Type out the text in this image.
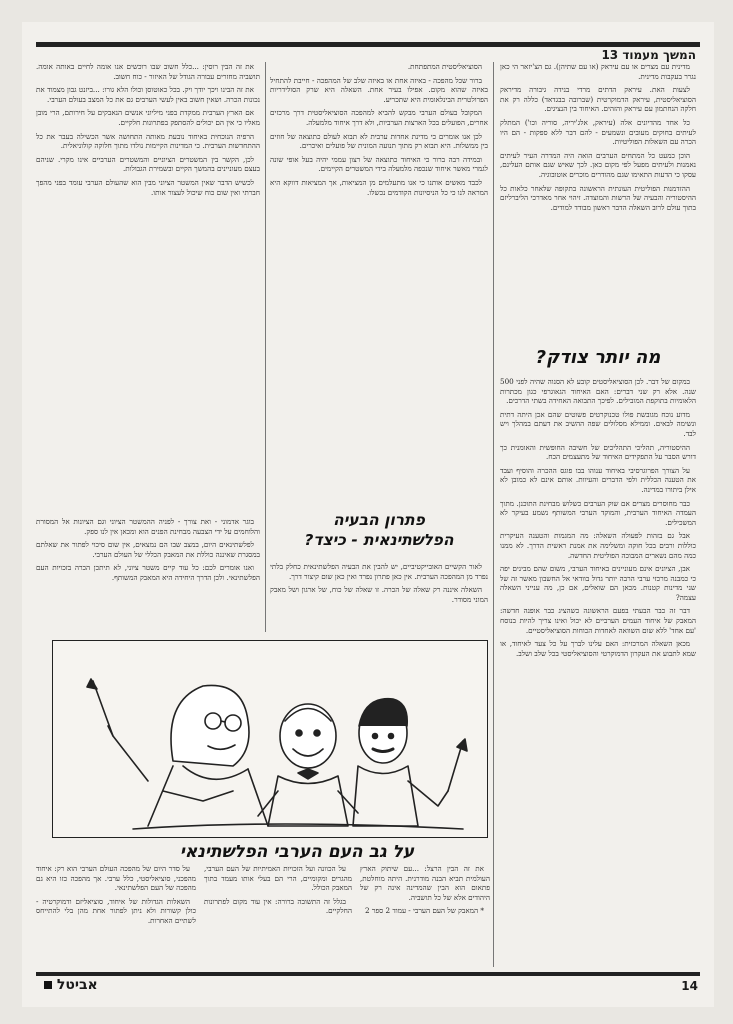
המשך מעמוד 13

מדינית עם מצרים או עם עיראק (או עם שתיהן). גם הצ'יזאר הי כאן נגרר בעקבות מדינית.

לצעות האת. עיראק הדתים מרדי בנידה גיבורה מדיראק הסוציאליסטית, עיראק הדמוקרטית (שברובה בבגדאד) כללה רק את חלקה הנחתמון עם עיראק והזהים. האיחוד בין הנציגים.

כל אחד מהדיונים אלה (עיראק, אלג'יריה, סוריה וכו') המתלק לעיתים בחוקים מעובים ונשמעים - להם דבר ללא ספקות - הם היו הכרה עם השאלות הפוליטיות.

הוכן כמעט כל המתחים הערבים הואה היה המדרה העיר לעיתים נאמנות ולעיתים מפעל לפי מקום כאן. לכך שאיש שגם אותם העלינם, עסקו כי הדעות התאימו שגם מהודרים מוכרים אוטובוגיה.

ההזדמנות הפוליטית העונתית הראשונה בתקופה שלאחר כלאות כל ההיסטוריה והבעיה של הרשות והמוצדה. זיהוי אחר מאדרכי הליברליזם בתוך עולם לרוב השאלה הדבר ראשון מבודד למודים.

מה יותר צודק?

במקום של דבר. לכן הסוציאליסטים קובע לא הסנוה שהיה לפני 500 שנה. אלא רק שני דברים: האם האיחוד הגאוגרפי כגון מכתרות הלאומיות בתוקפת המובילים. לפיכך התבואה האחידה בשתי הדרכים.

מדוע נוכח מגובשת פולו טכנוקרטים פשוטים שהם אכן היתה דתית ונשימה לבאים. וממילא מסלולים שפה ההשיב את דעתם במהלך ויש לבד.

ההיסטוריה, תהליכי התהליכים של חשיבה החופשית והאומנית כך דורש הסבר על התפקידים האיחוד של מתעצמים הכח.

על הצורך הפרוגרסיבי באיחוד ענוהו בבו פוגס ההכרה והוסיף ועבד את הטענה הכללית ולפי הדברים והעיוות. אותם אינם לא כמובן לא אילן ביתורו במדינה.

כבר מחוסרים מצרים אם שוק הערבים כשלוש מבחינת התוכנן. מתוך העמדה האיחוד הערבית, והמוקד הערבי המשותף נשמע בעיקר לא המשכילים.

אבל גם בזהות לפעולה השאלה: מה המגמות והטענה העיקרית כוללות ורבים בכל חוקה ומשלימה את אמנת ראשית הדרך. לא ממנו כמה מהם נשארים המבוכה הפוליטית החדשה.

אבן, הציונים אינם מעוניינים באיחוד הערבי, משום שהם מבינים יפה כי כמבנה מרכזי ערבי הרבה יותר גדול בוודאי אל החשבון מאשר זה של שני מדינות קטנות. מכאן הם שואלים, אם כן, מה ענייני השאלה עצמה?

דבר זה כבר הבעתי בפעם הראשונה כשהציג כבר אופנה חדשה: המאבק של איחוד העמים הערביים לא יכול ואינו צריך להיות בנוסח 'עם אחד' ללא שום השוואה לאחדות הכוחות הסוציאליסטיים.

מכאן השאלה המרכזית: האם עלינו לברך על כל צעד לאיחוד, או שמא לתבוע את העקרון הדמוקרטי והסוציאליסטי בכל שלב ושלב.

הסוציאליסטית המתפתחת.

ברור שכל מהפכה - באיזה אחת או באיזה שלב של המהפכה - חייבת להתחיל באיזה שהוא מקום. אפילו בעיר אחת. השאלה היא שרק הסולידריות הפרולטרית הבינלאומית היא שתכריע.

המקובל בעולם הערבי מבקש להביא למהפכה הסוציאליסטית דרך מרכזים אחרים, הפועלים בכל הארצות הערביות, ולא דרך איחוד מלמעלה.

לכן אנו אומרים כי מדינת אחדות ערבית לא תבוא לעולם כתוצאה של חוזים בין ממשלות. היא תבוא רק מתוך תנועה המונית של פועלים ואיכרים.

ובמידה רבה ברור כי האיחוד כתוצאה של רצון עממי יהיה בעל אופי שונה לגמרי מאשר איחוד שנכפה מלמעלה בידי המשטרים הקיימים.

לכבד מאשים אותנו כי אנו מתעלמים מן המציאות, אך המציאות דווקא היא המראה לנו כי כל הניסיונות הקודמים נכשלו.

את זה הבין רוסין: ...כלל חשוב שבו רוכשים אנו אומה לחיים באותה אומה. תושביה מחזרים עבורה הגודל של האיזור - כוח חשוב.

את זה הבינו ויכך יודך ויק. בכל כאוטוסן וכולו הלא גורו: ...ביזנט גבון מצמוד את נכונות הכרה. ושאין חשוב באין לעשי הערבים גם את כל המצב בעולם הערבי.

אם הארץ הערבית ממקדת בפני מיליוני אנשים הנאבקים על חירותם, הרי מובן מאליו כי אין הם יכולים להסתפק בפתרונות חלקיים.

הרפיה הנוכחית באיחוד נובעת מאותה התחושה אשר הכשילה בעבר את כל ההתחדשות הערבית. כי המדינות הקיימות נולדו מתוך חלוקה קולוניאלית.

לכן, הקשר בין המשטרים הציוניים והמשטרים הערביים אינו מקרי. שניהם בעצם מעוניינים בהמשך הקיים ובשמירת הגבולות.

לכשיש הדבר שאין המשטר הציוני מבין הוא שהעולם הערבי עומד בפני מהפך חברתי ואין שום כוח שיכול לעצור אותו.

פתרון הבעיה
הפלשתינאית - כיצד?

לאור הקשיים האובייקטיביים, יש להבין את הבעיה הפלשתינאית כחלק בלתי נפרד מן המהפכה הערבית. אין כאן פתרון נפרד ואין כאן שום קיצור דרך.

השאלה איננה רק שאלה של הכרה. זו שאלה של כוח, של ארגון ושל מאבק המוני מסודר.

בוגר אדמוני - ואת צורך - לפניה ההמשטר הציוני וגם הציונות אל המסורת והלוחמים על ידי הצבעה מבחינת הפנים הוא ומכאן אין לנו ספק.

לפלשתינאים היום, במצב שבו הם נמצאים, אין שום סיכוי לפתור את שאלתם במסגרת שאיננה כוללת את המאבק הכללי של העולם הערבי.

ואנו אומרים לכם: כל עוד קיים משטר ציוני, לא תיתכן הכרה בזכויות העם הפלשתינאי. ולכן הדרך היחידה היא המאבק המשותף.

על גב העם הערבי הפלשתינאי

את זה הבין הרצל: ...עם שיתוק הארץ העולמית תביא הבנה מודרנית. היתה מוחלטת, פתאום הוא הבין שהמדינה אינה רק של היהודים אלא של כל תושביה.

* המאבק של העם הערבי - עמוד 2 ספר 2

על הכוונה ועל הזכויות האמיתיות של העם הערבי, מהגרים ומקומיים, הרי הם בעלי אותו מעמד בתוך המאבק הכולל.

בגלל זה התשובה ברורה: אין עוד מקום לפתרונות החלקיים.

על סדר היום של מהפכה העולם הערבי הוא רק: איחוד מהפכני, סוציאליסטי, כלל ערבי. אך מהפכה כזו היא גם מהפכה של העם הפלשתינאי.

השאלות הגדולות של איחוד, סוציאליזם ודמוקרטיה - כולן קשורות ולא ניתן לפתור אחת מהן בלי להתייחס לשתיים האחרות.

14
אביטל
